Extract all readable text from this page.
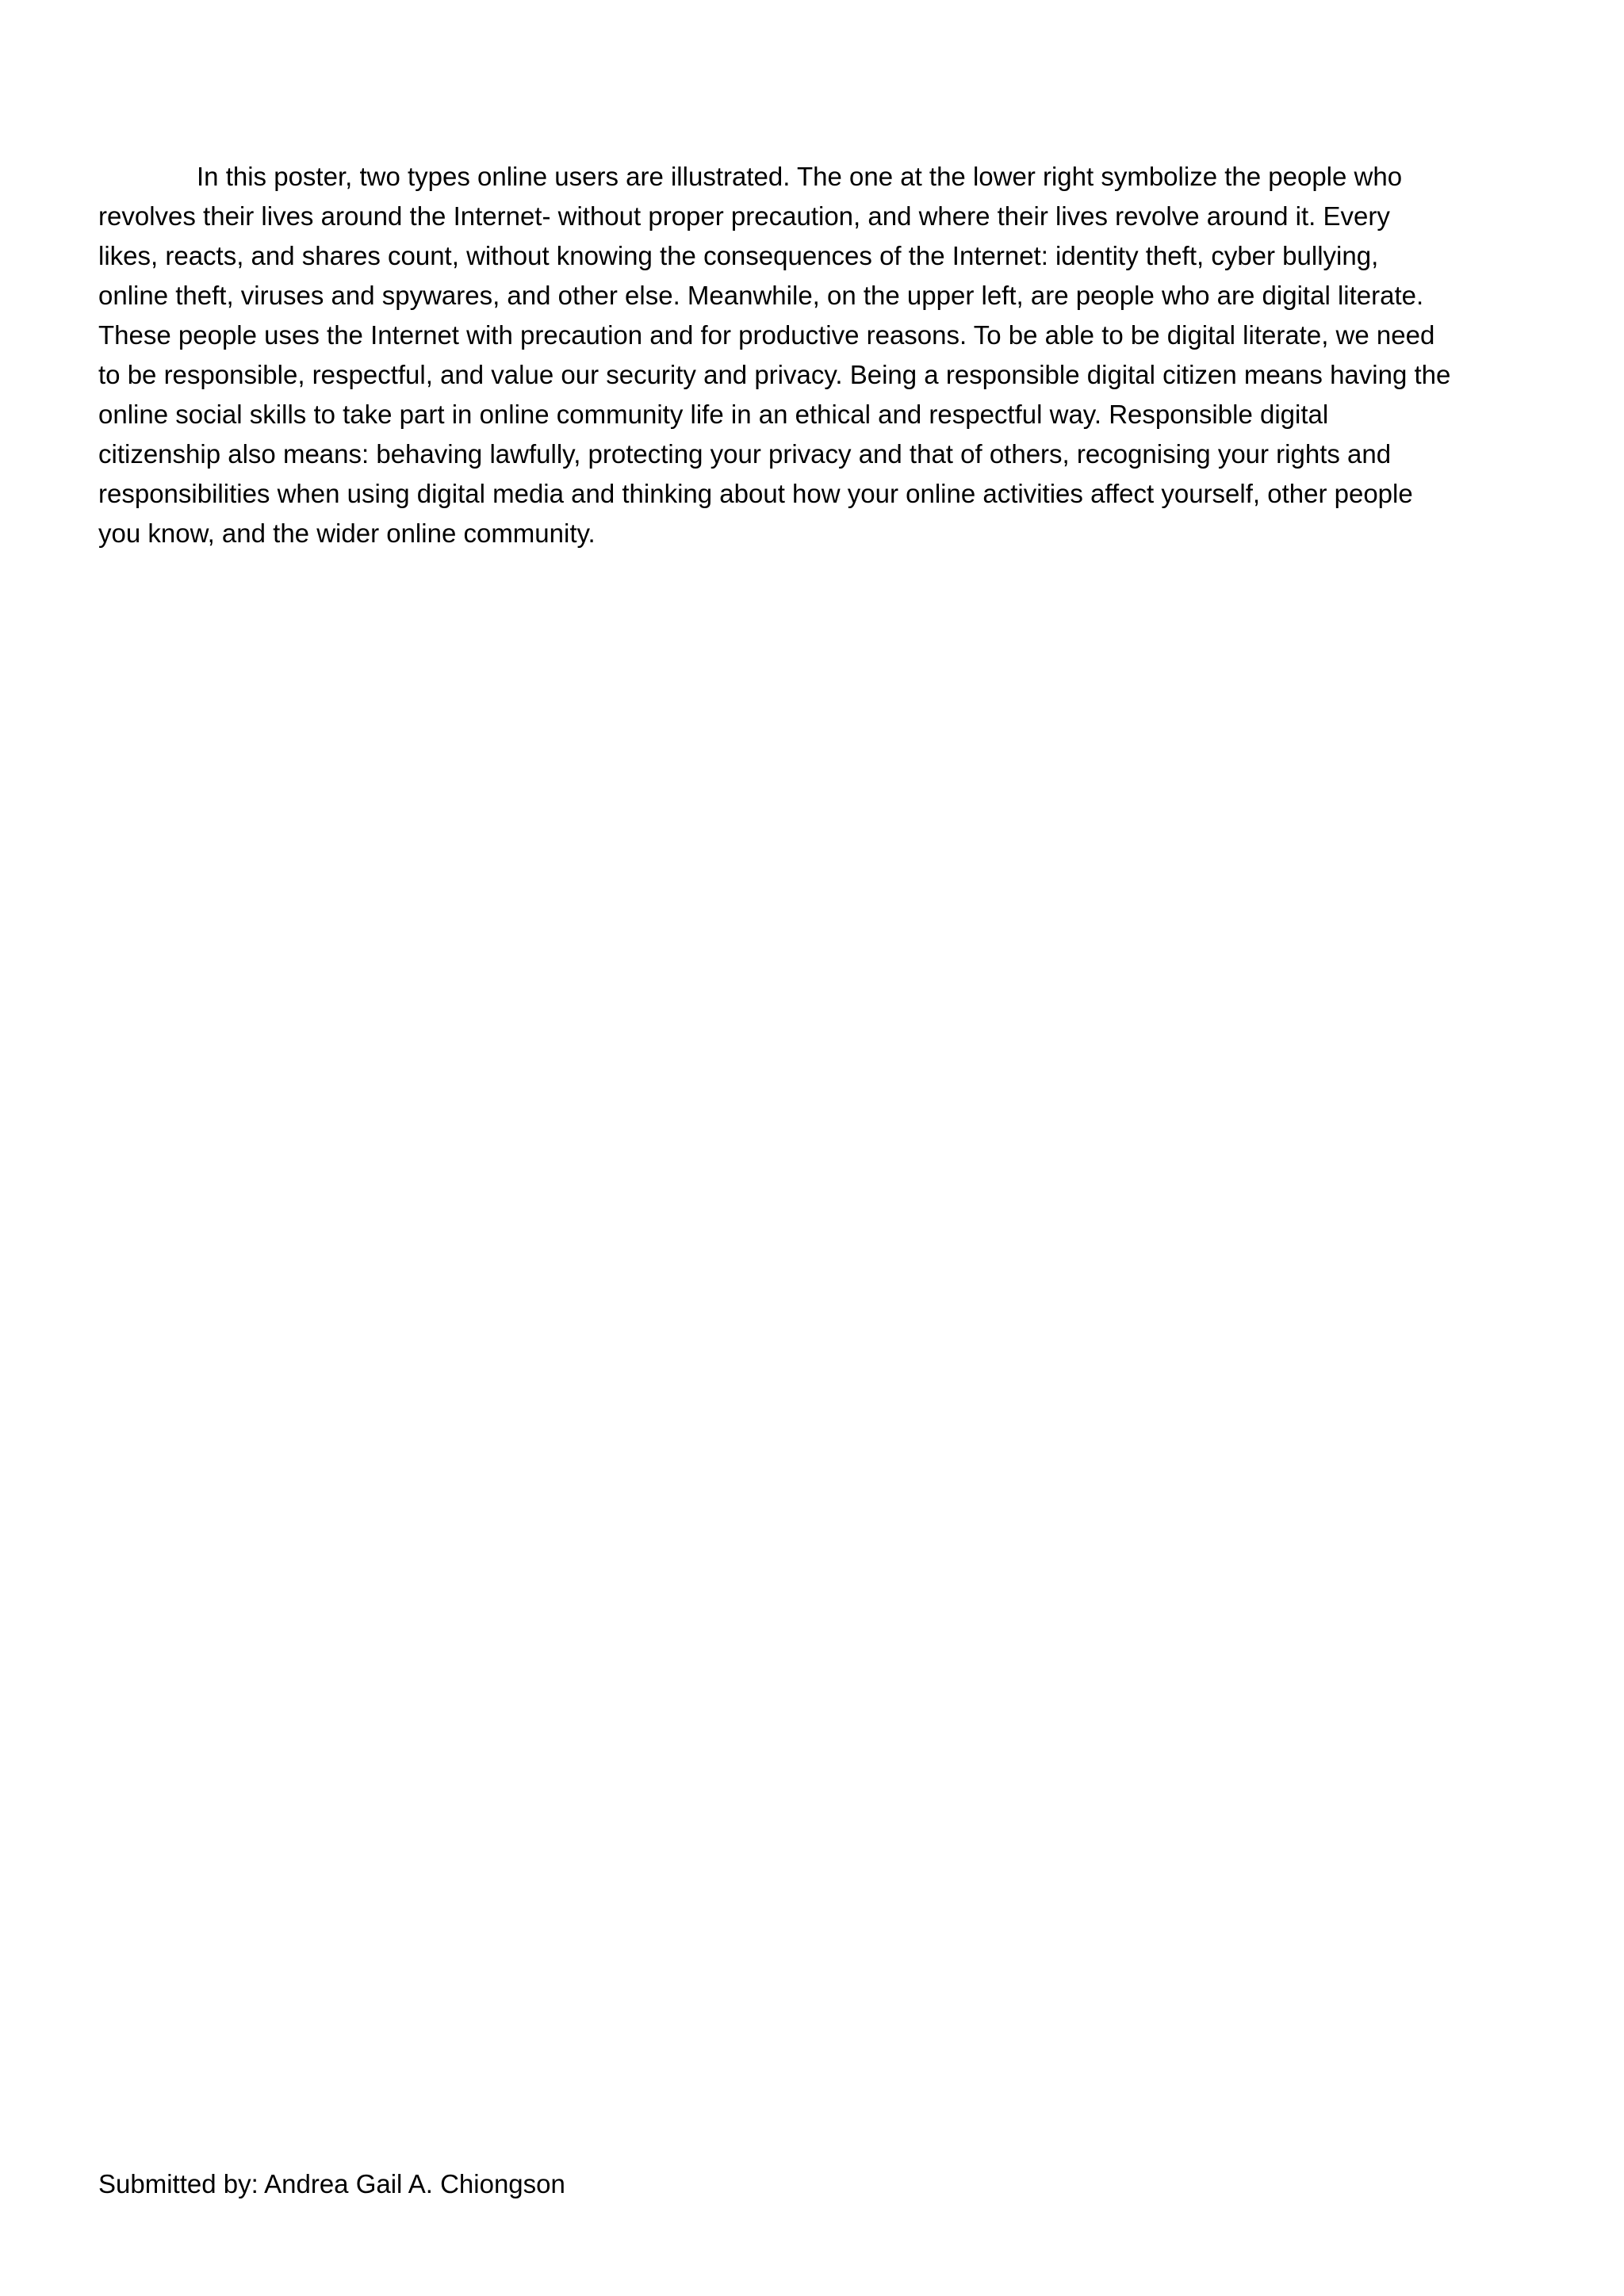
In this poster, two types online users are illustrated. The one at the lower right symbolize the people who
revolves their lives around the Internet- without proper precaution, and where their lives revolve around it. Every
likes, reacts, and shares count, without knowing the consequences of the Internet: identity theft, cyber bullying,
online theft, viruses and spywares, and other else. Meanwhile, on the upper left, are people who are digital literate.
These people uses the Internet with precaution and for productive reasons. To be able to be digital literate, we need
to be responsible, respectful, and value our security and privacy. Being a responsible digital citizen means having the
online social skills to take part in online community life in an ethical and respectful way. Responsible digital
citizenship also means: behaving lawfully, protecting your privacy and that of others, recognising your rights and
responsibilities when using digital media and thinking about how your online activities affect yourself, other people
you know, and the wider online community.

Submitted by: Andrea Gail A. Chiongson
